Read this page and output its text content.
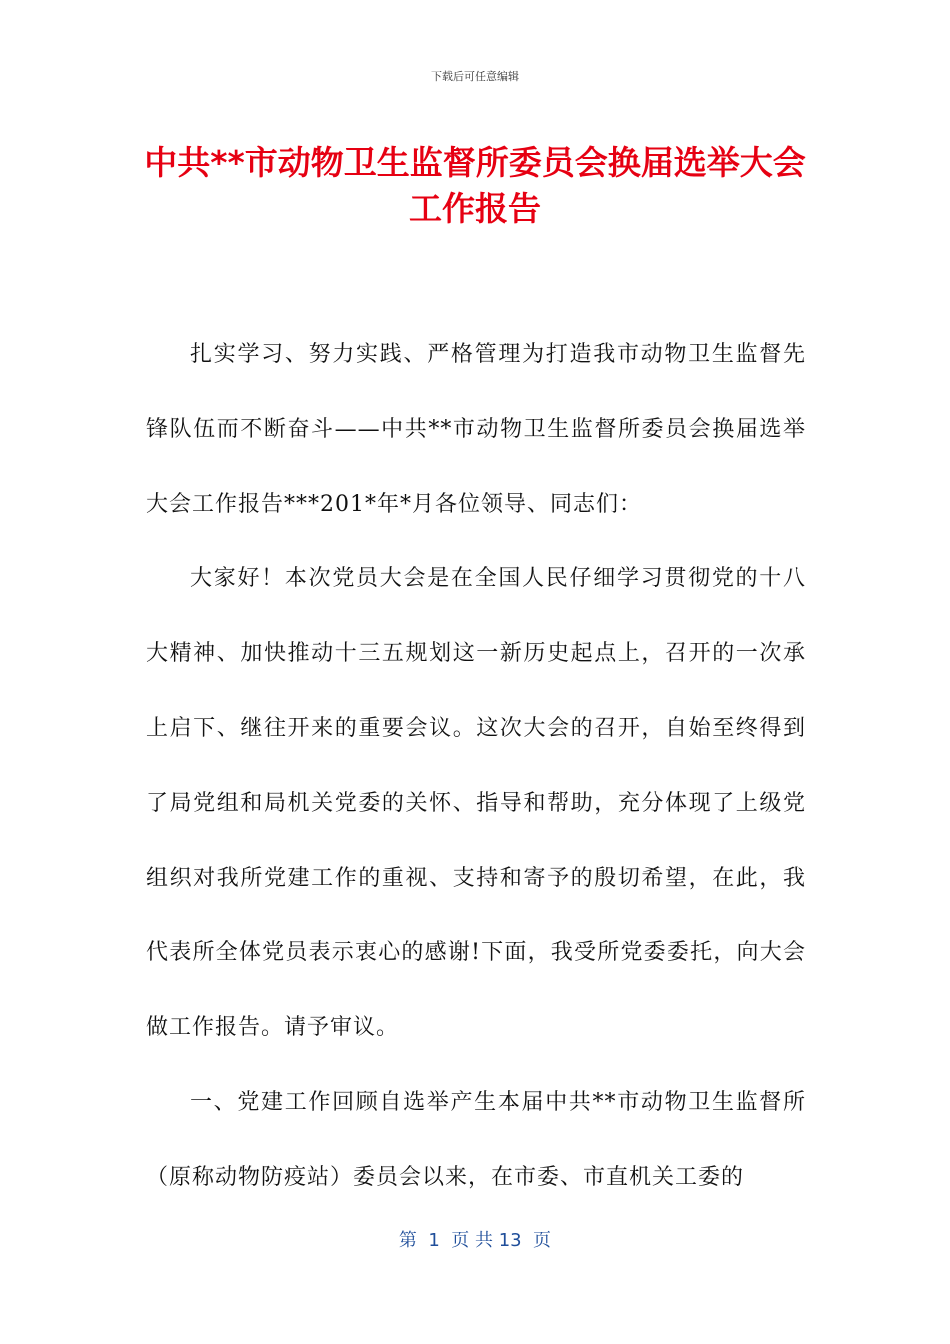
下载后可任意编辑
中共**市动物卫生监督所委员会换届选举大会工作报告

扎实学习、努力实践、严格管理为打造我市动物卫生监督先锋队伍而不断奋斗——中共**市动物卫生监督所委员会换届选举大会工作报告***201*年*月各位领导、同志们：

大家好！本次党员大会是在全国人民仔细学习贯彻党的十八大精神、加快推动十三五规划这一新历史起点上，召开的一次承上启下、继往开来的重要会议。这次大会的召开，自始至终得到了局党组和局机关党委的关怀、指导和帮助，充分体现了上级党组织对我所党建工作的重视、支持和寄予的殷切希望，在此，我代表所全体党员表示衷心的感谢!下面，我受所党委委托，向大会做工作报告。请予审议。

一、党建工作回顾自选举产生本届中共**市动物卫生监督所（原称动物防疫站）委员会以来，在市委、市直机关工委的

第  1  页 共 13  页
